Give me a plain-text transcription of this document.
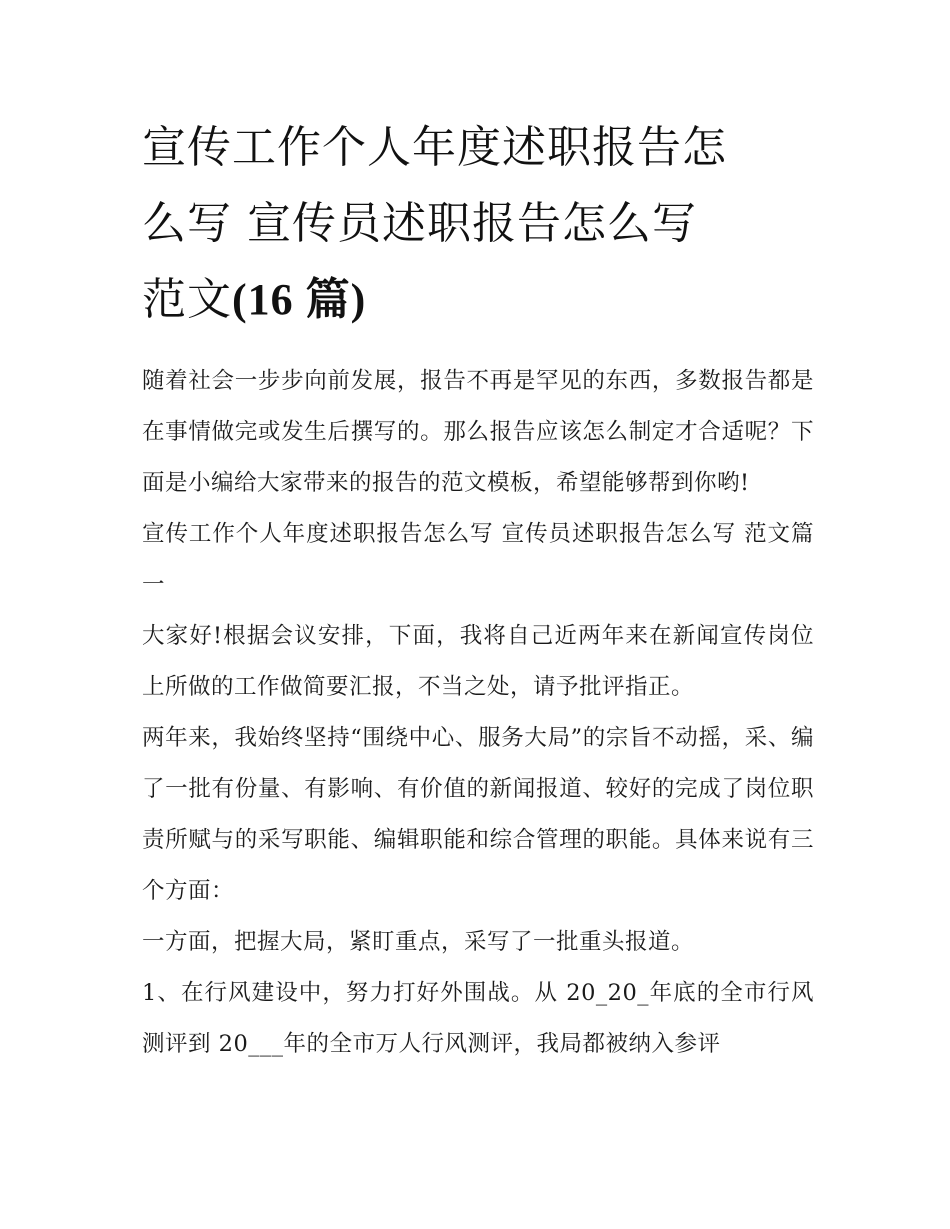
宣传工作个人年度述职报告怎
么写 宣传员述职报告怎么写
范文(16 篇)

随着社会一步步向前发展，报告不再是罕见的东西，多数报告都是在事情做完或发生后撰写的。那么报告应该怎么制定才合适呢？下面是小编给大家带来的报告的范文模板，希望能够帮到你哟!

宣传工作个人年度述职报告怎么写 宣传员述职报告怎么写 范文篇一

大家好!根据会议安排，下面，我将自己近两年来在新闻宣传岗位上所做的工作做简要汇报，不当之处，请予批评指正。

两年来，我始终坚持“围绕中心、服务大局”的宗旨不动摇，采、编了一批有份量、有影响、有价值的新闻报道、较好的完成了岗位职责所赋与的采写职能、编辑职能和综合管理的职能。具体来说有三个方面：

一方面，把握大局，紧盯重点，采写了一批重头报道。

1、在行风建设中，努力打好外围战。从 20_20_年底的全市行风测评到 20___年的全市万人行风测评，我局都被纳入参评
